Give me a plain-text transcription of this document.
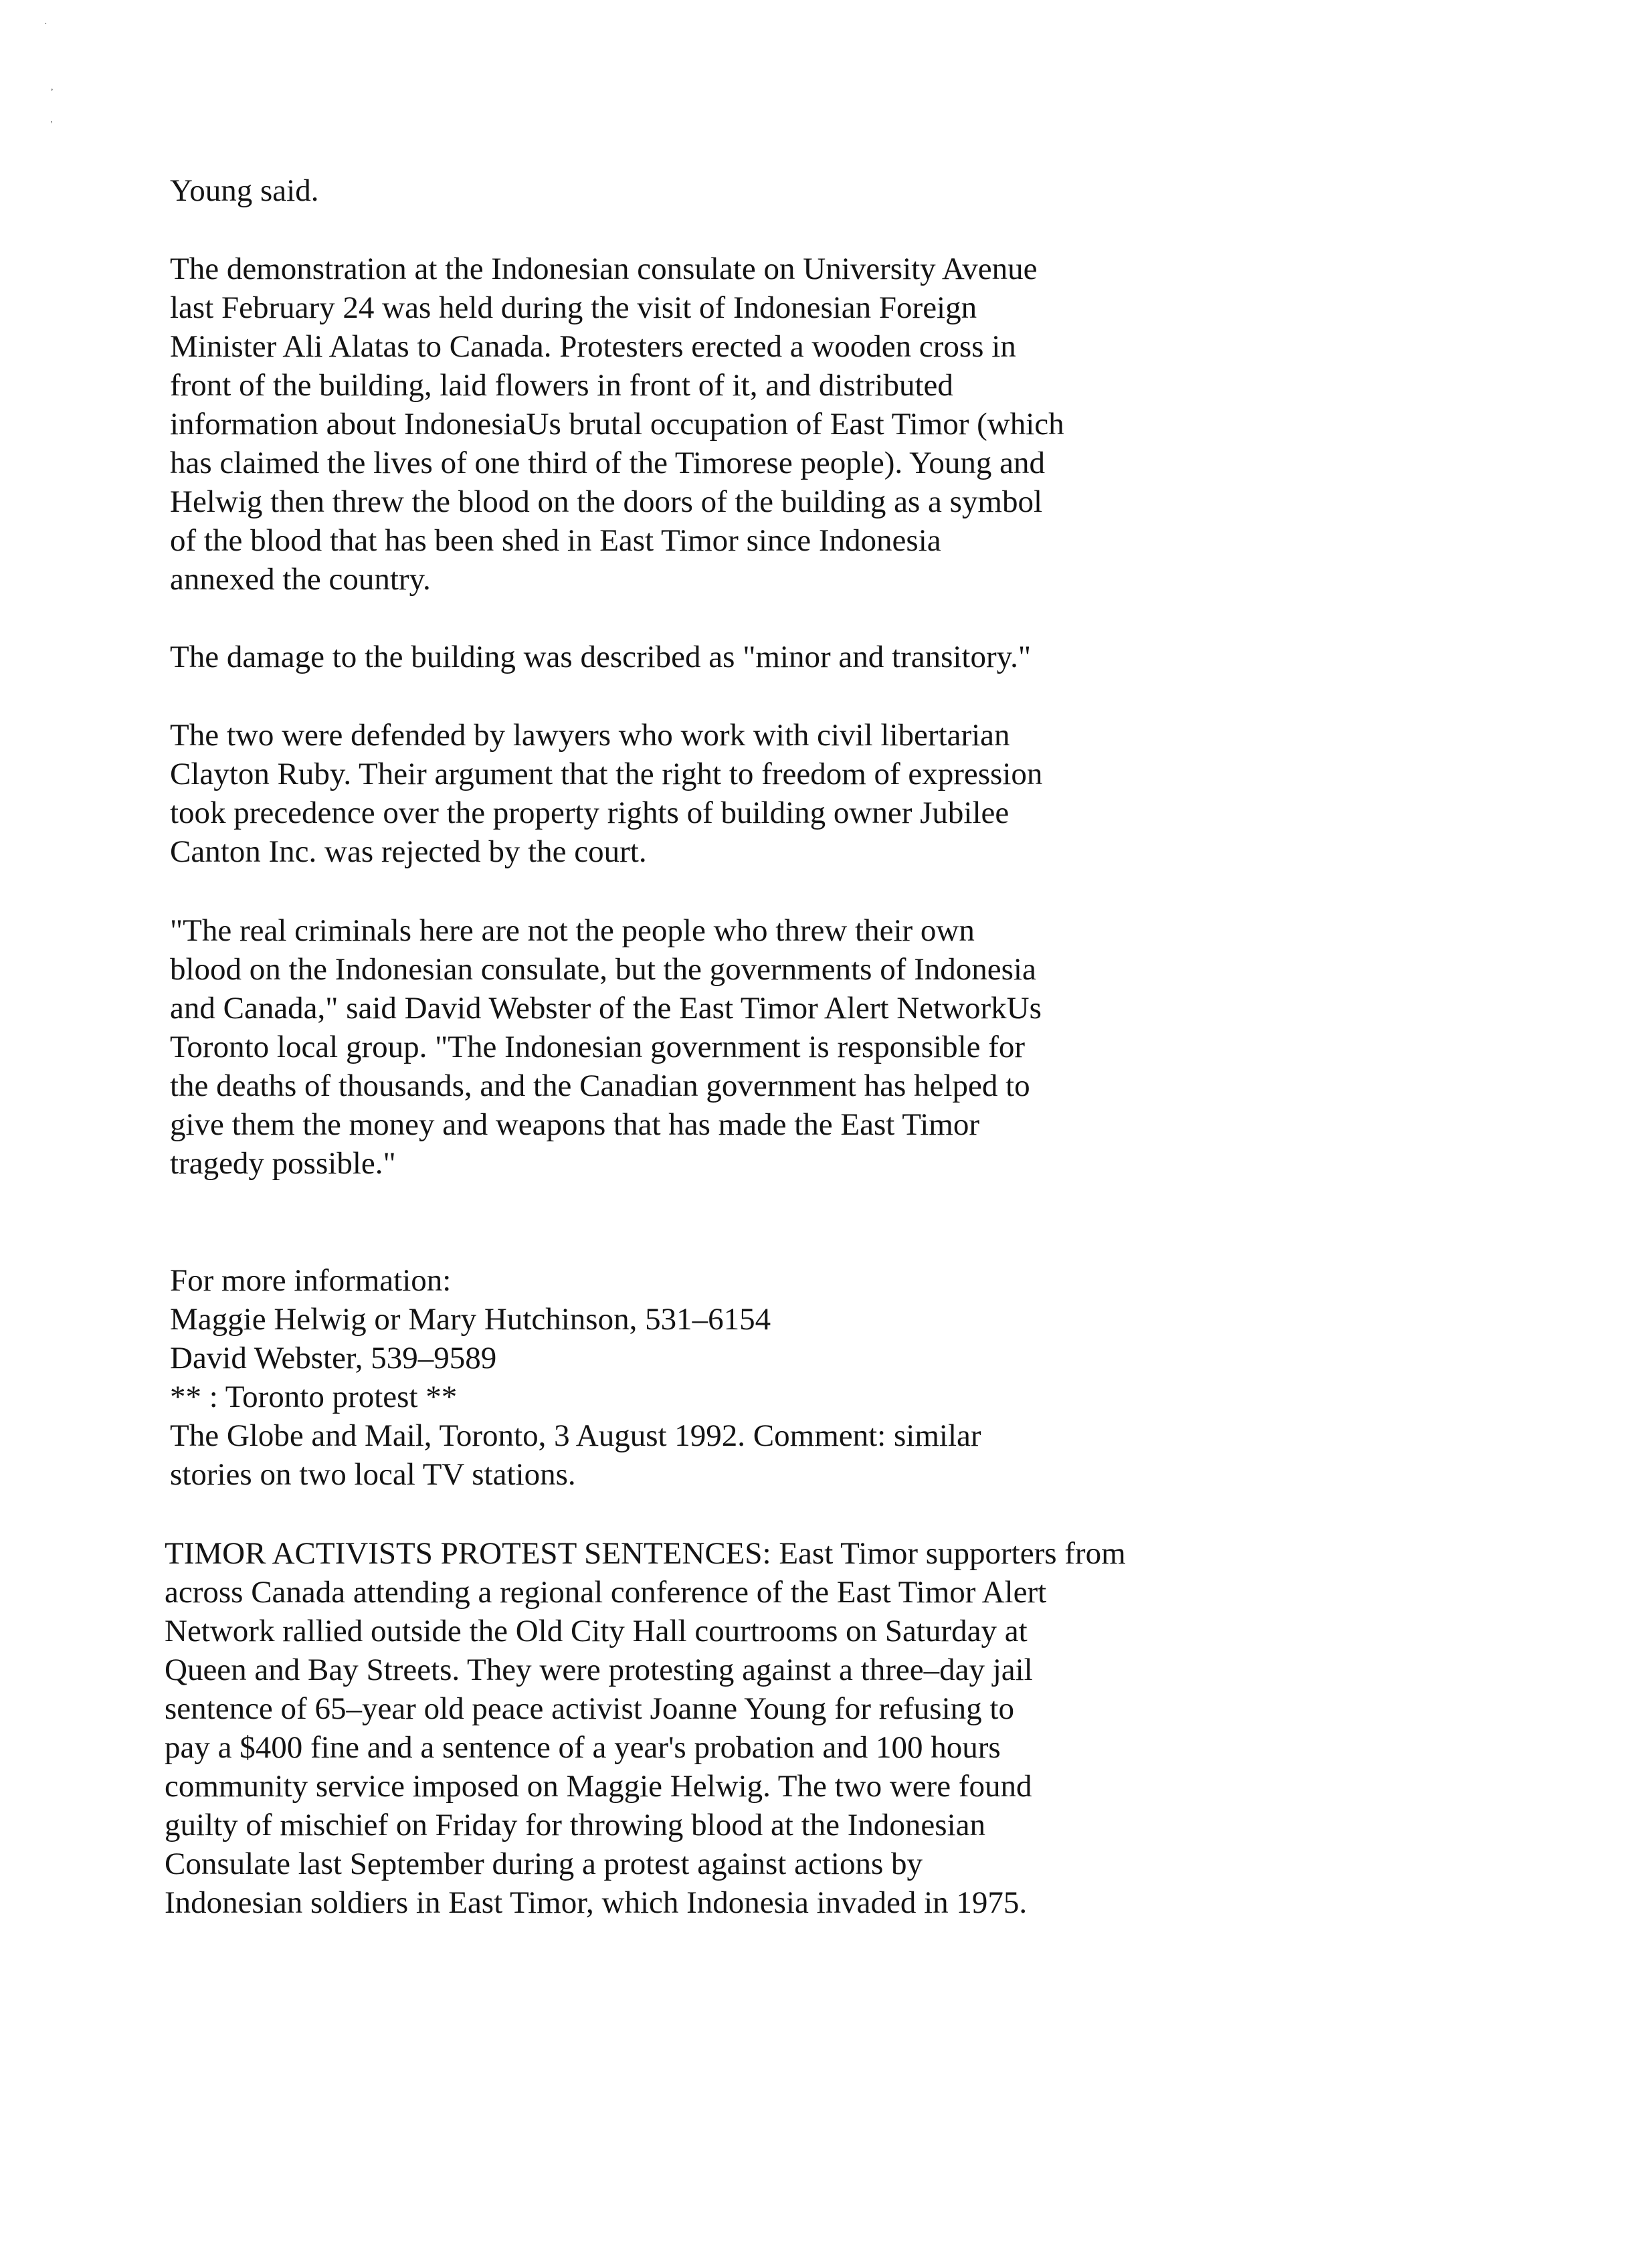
·
,
'
Young said.
The demonstration at the Indonesian consulate on University Avenue
last February 24 was held during the visit of Indonesian Foreign
Minister Ali Alatas to Canada. Protesters erected a wooden cross in
front of the building, laid flowers in front of it, and distributed
information about IndonesiaUs brutal occupation of East Timor (which
has claimed the lives of one third of the Timorese people). Young and
Helwig then threw the blood on the doors of the building as a symbol
of the blood that has been shed in East Timor since Indonesia
annexed the country.
The damage to the building was described as "minor and transitory."
The two were defended by lawyers who work with civil libertarian
Clayton Ruby. Their argument that the right to freedom of expression
took precedence over the property rights of building owner Jubilee
Canton Inc. was rejected by the court.
"The real criminals here are not the people who threw their own
blood on the Indonesian consulate, but the governments of Indonesia
and Canada," said David Webster of the East Timor Alert NetworkUs
Toronto local group. "The Indonesian government is responsible for
the deaths of thousands, and the Canadian government has helped to
give them the money and weapons that has made the East Timor
tragedy possible."
For more information:
Maggie Helwig or Mary Hutchinson, 531–6154
David Webster, 539–9589
** : Toronto protest **
The Globe and Mail, Toronto, 3 August 1992. Comment: similar
stories on two local TV stations.
TIMOR ACTIVISTS PROTEST SENTENCES: East Timor supporters from
across Canada attending a regional conference of the East Timor Alert
Network rallied outside the Old City Hall courtrooms on Saturday at
Queen and Bay Streets. They were protesting against a three–day jail
sentence of 65–year old peace activist Joanne Young for refusing to
pay a $400 fine and a sentence of a year's probation and 100 hours
community service imposed on Maggie Helwig. The two were found
guilty of mischief on Friday for throwing blood at the Indonesian
Consulate last September during a protest against actions by
Indonesian soldiers in East Timor, which Indonesia invaded in 1975.
